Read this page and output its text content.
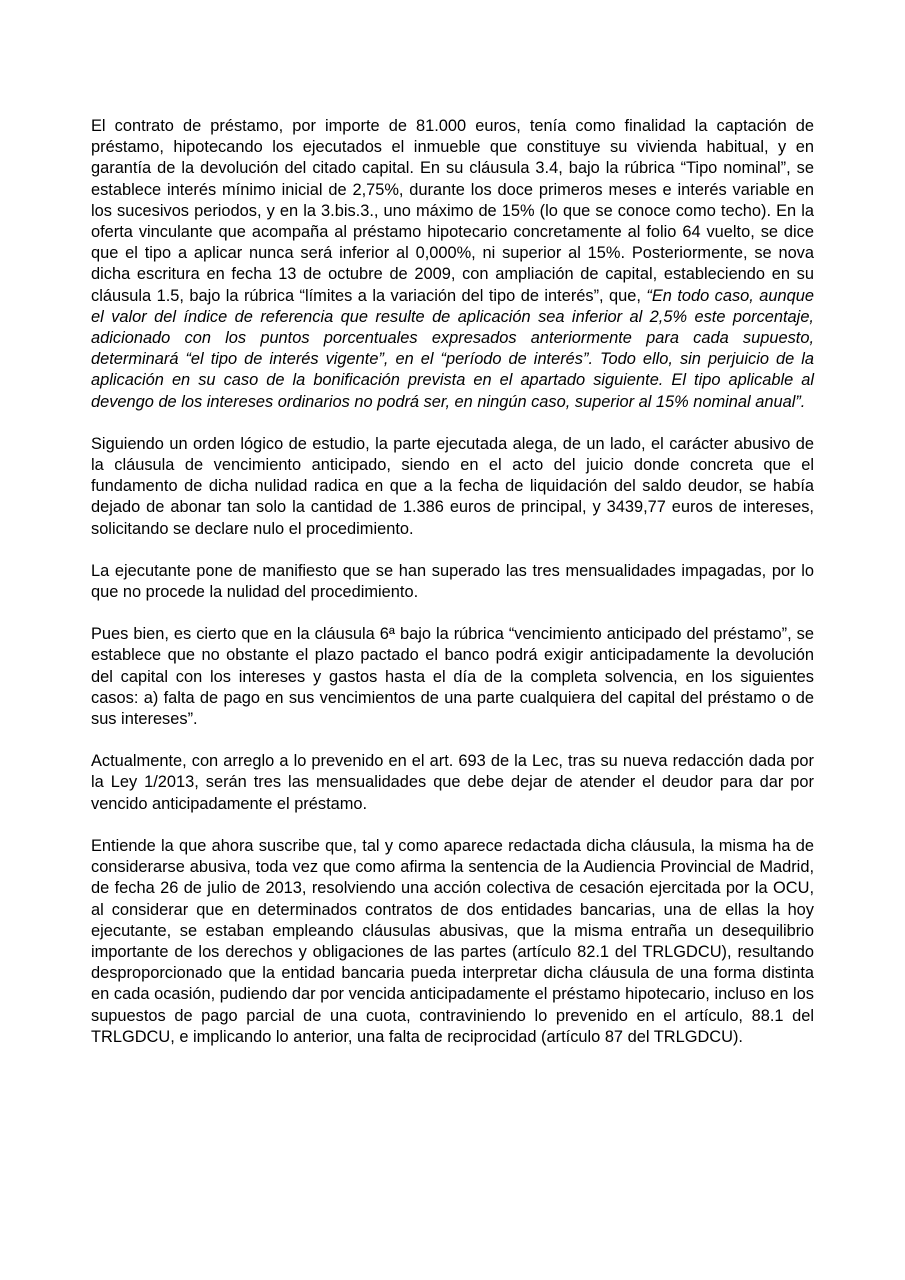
El contrato de préstamo, por importe de 81.000 euros, tenía como finalidad la captación de préstamo, hipotecando los ejecutados el inmueble que constituye su vivienda habitual, y en garantía de la devolución del citado capital. En su cláusula 3.4, bajo la rúbrica “Tipo nominal”, se establece interés mínimo inicial de 2,75%, durante los doce primeros meses e interés variable en los sucesivos periodos, y en la 3.bis.3., uno máximo de 15% (lo que se conoce como techo). En la oferta vinculante que acompaña al préstamo hipotecario concretamente al folio 64 vuelto, se dice que el tipo a aplicar nunca será inferior al 0,000%, ni superior al 15%. Posteriormente, se nova dicha escritura en fecha 13 de octubre de 2009, con ampliación de capital, estableciendo en su cláusula 1.5, bajo la rúbrica “límites a la variación del tipo de interés”, que, “En todo caso, aunque el valor del índice de referencia que resulte de aplicación sea inferior al 2,5% este porcentaje, adicionado con los puntos porcentuales expresados anteriormente para cada supuesto, determinará “el tipo de interés vigente”, en el “período de interés”. Todo ello, sin perjuicio de la aplicación en su caso de la bonificación prevista en el apartado siguiente. El tipo aplicable al devengo de los intereses ordinarios no podrá ser, en ningún caso, superior al 15% nominal anual”.

Siguiendo un orden lógico de estudio, la parte ejecutada alega, de un lado, el carácter abusivo de la cláusula de vencimiento anticipado, siendo en el acto del juicio donde concreta que el fundamento de dicha nulidad radica en que a la fecha de liquidación del saldo deudor, se había dejado de abonar tan solo la cantidad de 1.386 euros de principal, y 3439,77 euros de intereses, solicitando se declare nulo el procedimiento.

La ejecutante pone de manifiesto que se han superado las tres mensualidades impagadas, por lo que no procede la nulidad del procedimiento.

Pues bien, es cierto que en la cláusula 6ª bajo la rúbrica “vencimiento anticipado del préstamo”, se establece que no obstante el plazo pactado el banco podrá exigir anticipadamente la devolución del capital con los intereses y gastos hasta el día de la completa solvencia, en los siguientes casos: a) falta de pago en sus vencimientos de una parte cualquiera del capital del préstamo o de sus intereses”.

Actualmente, con arreglo a lo prevenido en el art. 693 de la Lec, tras su nueva redacción dada por la Ley 1/2013, serán tres las mensualidades que debe dejar de atender el deudor para dar por vencido anticipadamente el préstamo.

Entiende la que ahora suscribe que, tal y como aparece redactada dicha cláusula, la misma ha de considerarse abusiva, toda vez que como afirma la sentencia de la Audiencia Provincial de Madrid, de fecha 26 de julio de 2013, resolviendo una acción colectiva de cesación ejercitada por la OCU, al considerar que en determinados contratos de dos entidades bancarias, una de ellas la hoy ejecutante, se estaban empleando cláusulas abusivas, que la misma entraña un desequilibrio importante de los derechos y obligaciones de las partes (artículo 82.1 del TRLGDCU), resultando desproporcionado que la entidad bancaria pueda interpretar dicha cláusula de una forma distinta en cada ocasión, pudiendo dar por vencida anticipadamente el préstamo hipotecario, incluso en los supuestos de pago parcial de una cuota, contraviniendo lo prevenido en el artículo, 88.1 del TRLGDCU, e implicando lo anterior, una falta de reciprocidad (artículo 87 del TRLGDCU).
